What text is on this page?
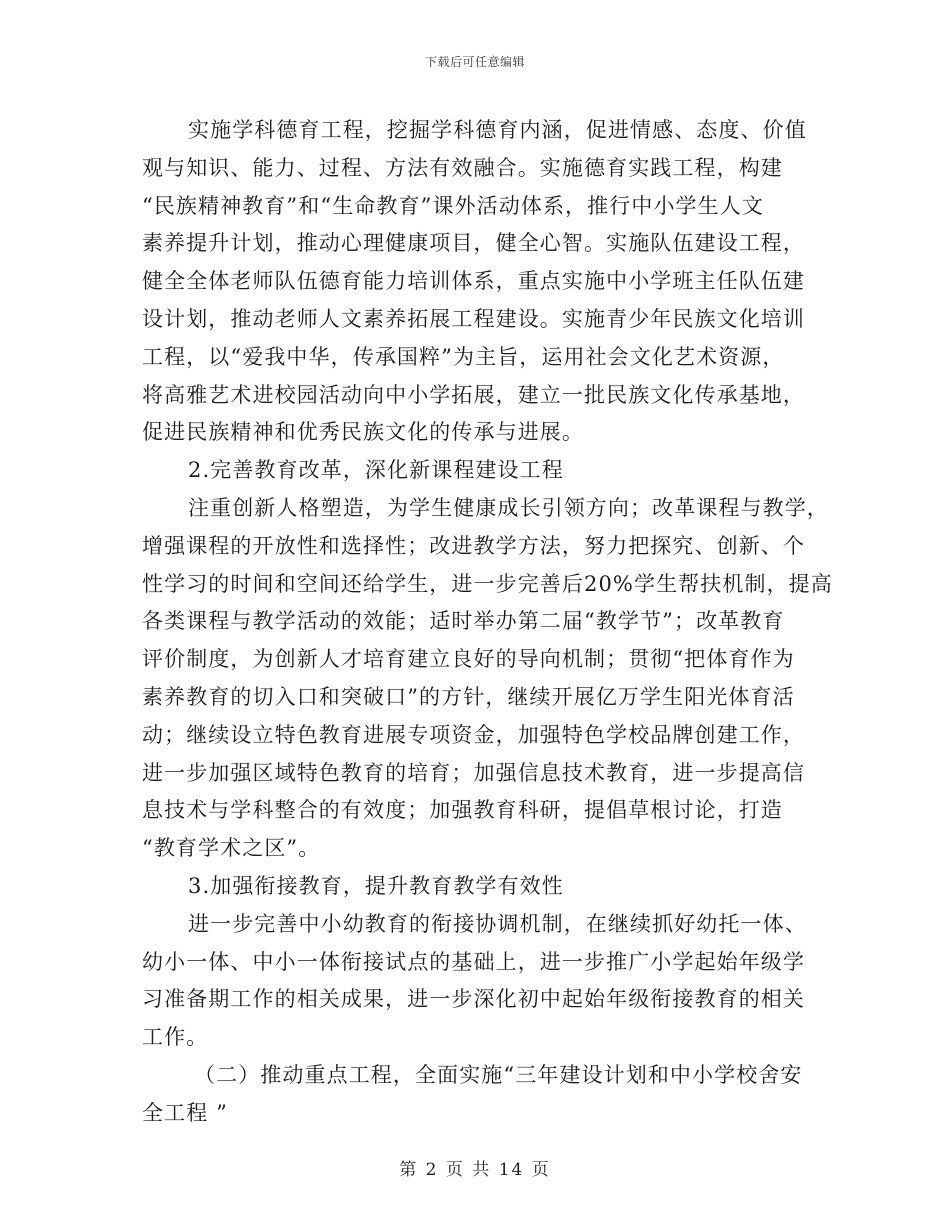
下载后可任意编辑
实施学科德育工程，挖掘学科德育内涵，促进情感、态度、价值
观与知识、能力、过程、方法有效融合。实施德育实践工程，构建
“民族精神教育”和“生命教育”课外活动体系，推行中小学生人文
素养提升计划，推动心理健康项目，健全心智。实施队伍建设工程，
健全全体老师队伍德育能力培训体系，重点实施中小学班主任队伍建
设计划，推动老师人文素养拓展工程建设。实施青少年民族文化培训
工程，以“爱我中华，传承国粹”为主旨，运用社会文化艺术资源，
将高雅艺术进校园活动向中小学拓展，建立一批民族文化传承基地，
促进民族精神和优秀民族文化的传承与进展。
2.完善教育改革，深化新课程建设工程
注重创新人格塑造，为学生健康成长引领方向；改革课程与教学，
增强课程的开放性和选择性；改进教学方法，努力把探究、创新、个
性学习的时间和空间还给学生，进一步完善后20%学生帮扶机制，提高
各类课程与教学活动的效能；适时举办第二届“教学节”；改革教育
评价制度，为创新人才培育建立良好的导向机制；贯彻“把体育作为
素养教育的切入口和突破口”的方针，继续开展亿万学生阳光体育活
动；继续设立特色教育进展专项资金，加强特色学校品牌创建工作，
进一步加强区域特色教育的培育；加强信息技术教育，进一步提高信
息技术与学科整合的有效度；加强教育科研，提倡草根讨论，打造
“教育学术之区”。
3.加强衔接教育，提升教育教学有效性
进一步完善中小幼教育的衔接协调机制，在继续抓好幼托一体、
幼小一体、中小一体衔接试点的基础上，进一步推广小学起始年级学
习准备期工作的相关成果，进一步深化初中起始年级衔接教育的相关
工作。
（二）推动重点工程，全面实施“三年建设计划和中小学校舍安
全工程 ”
第 2 页 共 14 页
